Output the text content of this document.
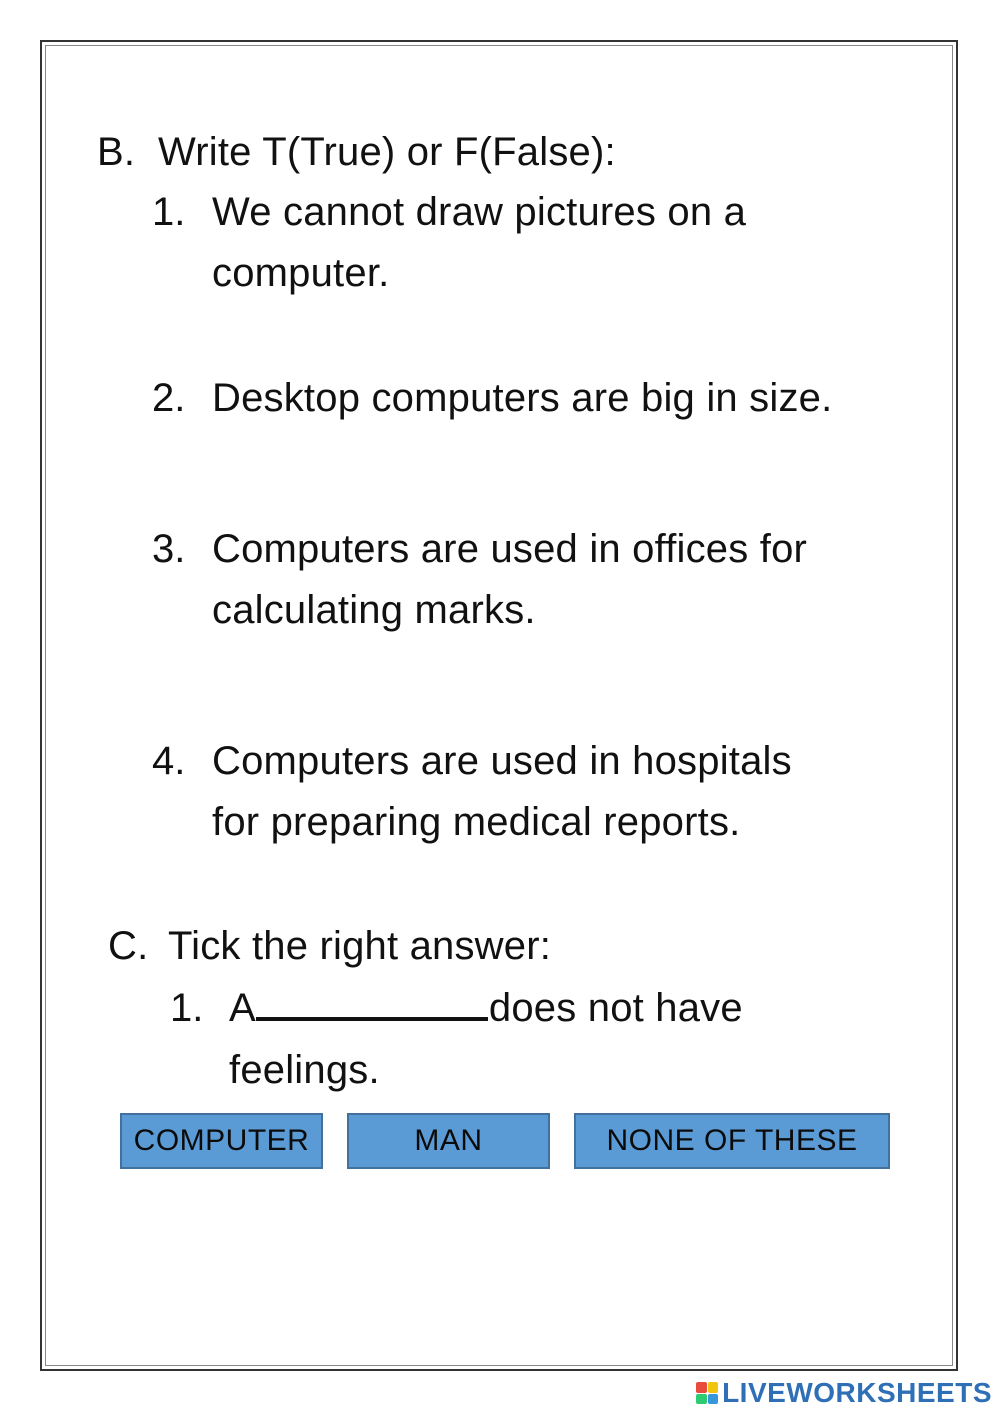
B. Write T(True) or F(False):
1. We cannot draw pictures on a
computer.
2. Desktop computers are big in size.
3. Computers are used in offices for
calculating marks.
4. Computers are used in hospitals
for preparing medical reports.
C. Tick the right answer:
1. A	does not have
feelings.
COMPUTER	MAN	NONE OF THESE
LIVEWORKSHEETS
